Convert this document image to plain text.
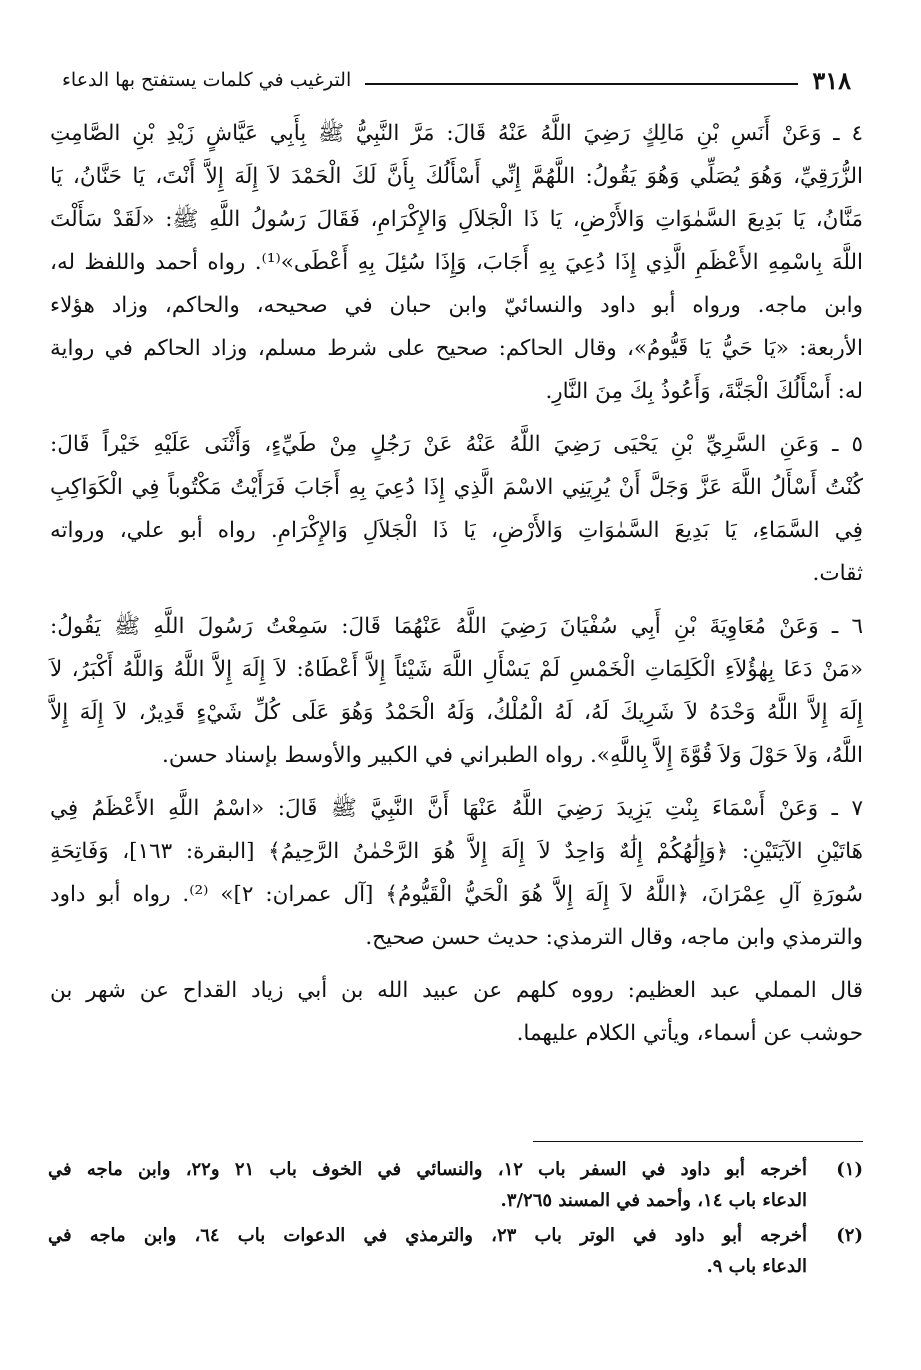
٣١٨
الترغيب في كلمات يستفتح بها الدعاء

٤ ـ وَعَنْ أَنَسِ بْنِ مَالِكٍ رَضِيَ اللَّهُ عَنْهُ قَالَ: مَرَّ النَّبِيُّ ﷺ بِأَبِي عَيَّاشٍ زَيْدِ بْنِ الصَّامِتِ
الزُّرَقِيِّ، وَهُوَ يُصَلِّي وَهُوَ يَقُولُ: اللَّهُمَّ إِنِّي أَسْأَلُكَ بِأَنَّ لَكَ الْحَمْدَ لاَ إِلَهَ إِلاَّ أَنْتَ، يَا حَنَّانُ، يَا
مَنَّانُ، يَا بَدِيعَ السَّمٰوَاتِ وَالأَرْضِ، يَا ذَا الْجَلاَلِ وَالإِكْرَامِ، فَقَالَ رَسُولُ اللَّهِ ﷺ: «لَقَدْ سَأَلْتَ
اللَّهَ بِاسْمِهِ الأَعْظَمِ الَّذِي إِذَا دُعِيَ بِهِ أَجَابَ، وَإِذَا سُئِلَ بِهِ أَعْطَى»⁽¹⁾. رواه أحمد واللفظ له،
وابن ماجه. ورواه أبو داود والنسائيّ وابن حبان في صحيحه، والحاكم، وزاد هؤلاء
الأربعة: «يَا حَيُّ يَا قَيُّومُ»، وقال الحاكم: صحيح على شرط مسلم، وزاد الحاكم في رواية
له: أَسْأَلُكَ الْجَنَّةَ، وَأَعُوذُ بِكَ مِنَ النَّارِ.

٥ ـ وَعَنِ السَّرِيِّ بْنِ يَحْيَى رَضِيَ اللَّهُ عَنْهُ عَنْ رَجُلٍ مِنْ طَيِّءٍ، وَأَثْنَى عَلَيْهِ خَيْراً قَالَ:
كُنْتُ أَسْأَلُ اللَّهَ عَزَّ وَجَلَّ أَنْ يُرِيَنِي الاسْمَ الَّذِي إِذَا دُعِيَ بِهِ أَجَابَ فَرَأَيْتُ مَكْتُوباً فِي الْكَوَاكِبِ
فِي السَّمَاءِ، يَا بَدِيعَ السَّمٰوَاتِ وَالأَرْضِ، يَا ذَا الْجَلاَلِ وَالإِكْرَامِ. رواه أبو علي، ورواته
ثقات.

٦ ـ وَعَنْ مُعَاوِيَةَ بْنِ أَبِي سُفْيَانَ رَضِيَ اللَّهُ عَنْهُمَا قَالَ: سَمِعْتُ رَسُولَ اللَّهِ ﷺ يَقُولُ:
«مَنْ دَعَا بِهٰؤُلاَءِ الْكَلِمَاتِ الْخَمْسِ لَمْ يَسْأَلِ اللَّهَ شَيْئاً إِلاَّ أَعْطَاهُ: لاَ إِلَهَ إِلاَّ اللَّهُ وَاللَّهُ أَكْبَرُ، لاَ
إِلَهَ إِلاَّ اللَّهُ وَحْدَهُ لاَ شَرِيكَ لَهُ، لَهُ الْمُلْكُ، وَلَهُ الْحَمْدُ وَهُوَ عَلَى كُلِّ شَيْءٍ قَدِيرٌ، لاَ إِلَهَ إِلاَّ
اللَّهُ، وَلاَ حَوْلَ وَلاَ قُوَّةَ إِلاَّ بِاللَّهِ». رواه الطبراني في الكبير والأوسط بإسناد حسن.

٧ ـ وَعَنْ أَسْمَاءَ بِنْتِ يَزِيدَ رَضِيَ اللَّهُ عَنْهَا أَنَّ النَّبِيَّ ﷺ قَالَ: «اسْمُ اللَّهِ الأَعْظَمُ فِي
هَاتَيْنِ الآيَتَيْنِ: ﴿وَإِلَٰهُكُمْ إِلَٰهٌ وَاحِدٌ لاَ إِلَهَ إِلاَّ هُوَ الرَّحْمٰنُ الرَّحِيمُ﴾ [البقرة: ١٦٣]، وَفَاتِحَةِ
سُورَةِ آلِ عِمْرَانَ، ﴿اللَّهُ لاَ إِلَهَ إِلاَّ هُوَ الْحَيُّ الْقَيُّومُ﴾ [آل عمران: ٢]» ⁽²⁾. رواه أبو داود
والترمذي وابن ماجه، وقال الترمذي: حديث حسن صحيح.

قال المملي عبد العظيم: رووه كلهم عن عبيد الله بن أبي زياد القداح عن شهر بن
حوشب عن أسماء، ويأتي الكلام عليهما.

(١)
أخرجه أبو داود في السفر باب ١٢، والنسائي في الخوف باب ٢١ و٢٢، وابن ماجه في
الدعاء باب ١٤، وأحمد في المسند ٣/٢٦٥.
(٢)
أخرجه أبو داود في الوتر باب ٢٣، والترمذي في الدعوات باب ٦٤، وابن ماجه في
الدعاء باب ٩.
